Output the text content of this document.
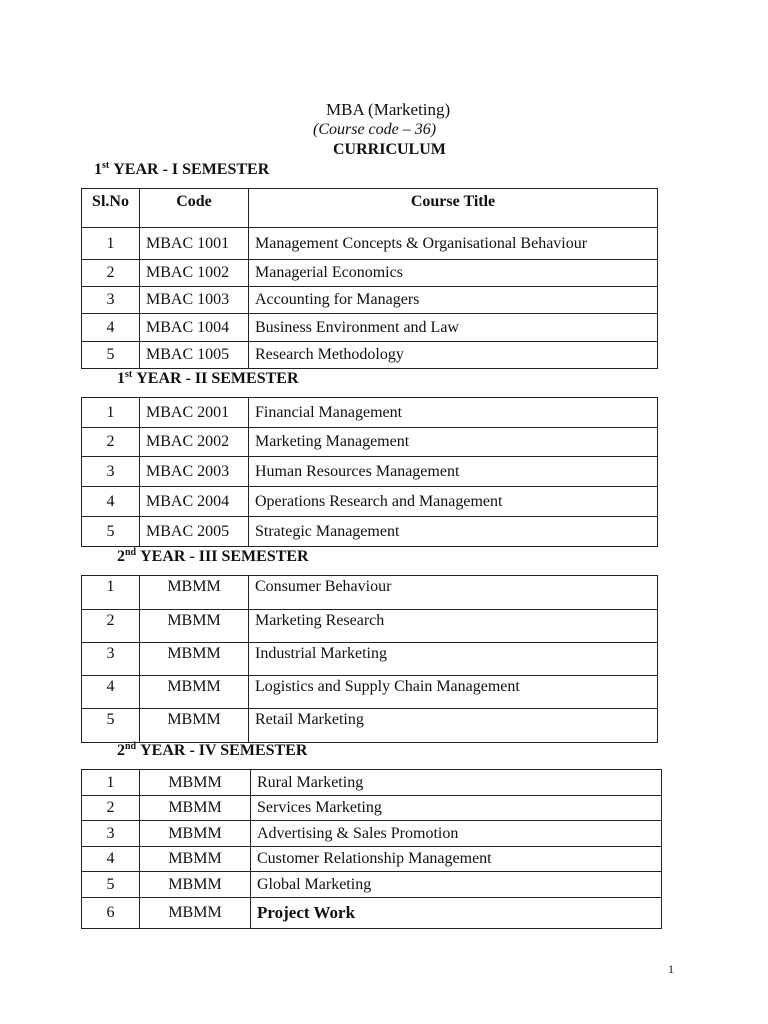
MBA (Marketing)
(Course code – 36)
CURRICULUM
1st YEAR - I SEMESTER
Sl.No	Code	Course Title
1	MBAC 1001	Management Concepts & Organisational Behaviour
2	MBAC 1002	Managerial Economics
3	MBAC 1003	Accounting for Managers
4	MBAC 1004	Business Environment and Law
5	MBAC 1005	Research Methodology
1st YEAR - II SEMESTER
1	MBAC 2001	Financial Management
2	MBAC 2002	Marketing Management
3	MBAC 2003	Human Resources Management
4	MBAC 2004	Operations Research and Management
5	MBAC 2005	Strategic Management
2nd YEAR - III SEMESTER
1	MBMM	Consumer Behaviour
2	MBMM	Marketing Research
3	MBMM	Industrial Marketing
4	MBMM	Logistics and Supply Chain Management
5	MBMM	Retail Marketing
2nd YEAR - IV SEMESTER
1	MBMM	Rural Marketing
2	MBMM	Services Marketing
3	MBMM	Advertising & Sales Promotion
4	MBMM	Customer Relationship Management
5	MBMM	Global Marketing
6	MBMM	Project Work
1
